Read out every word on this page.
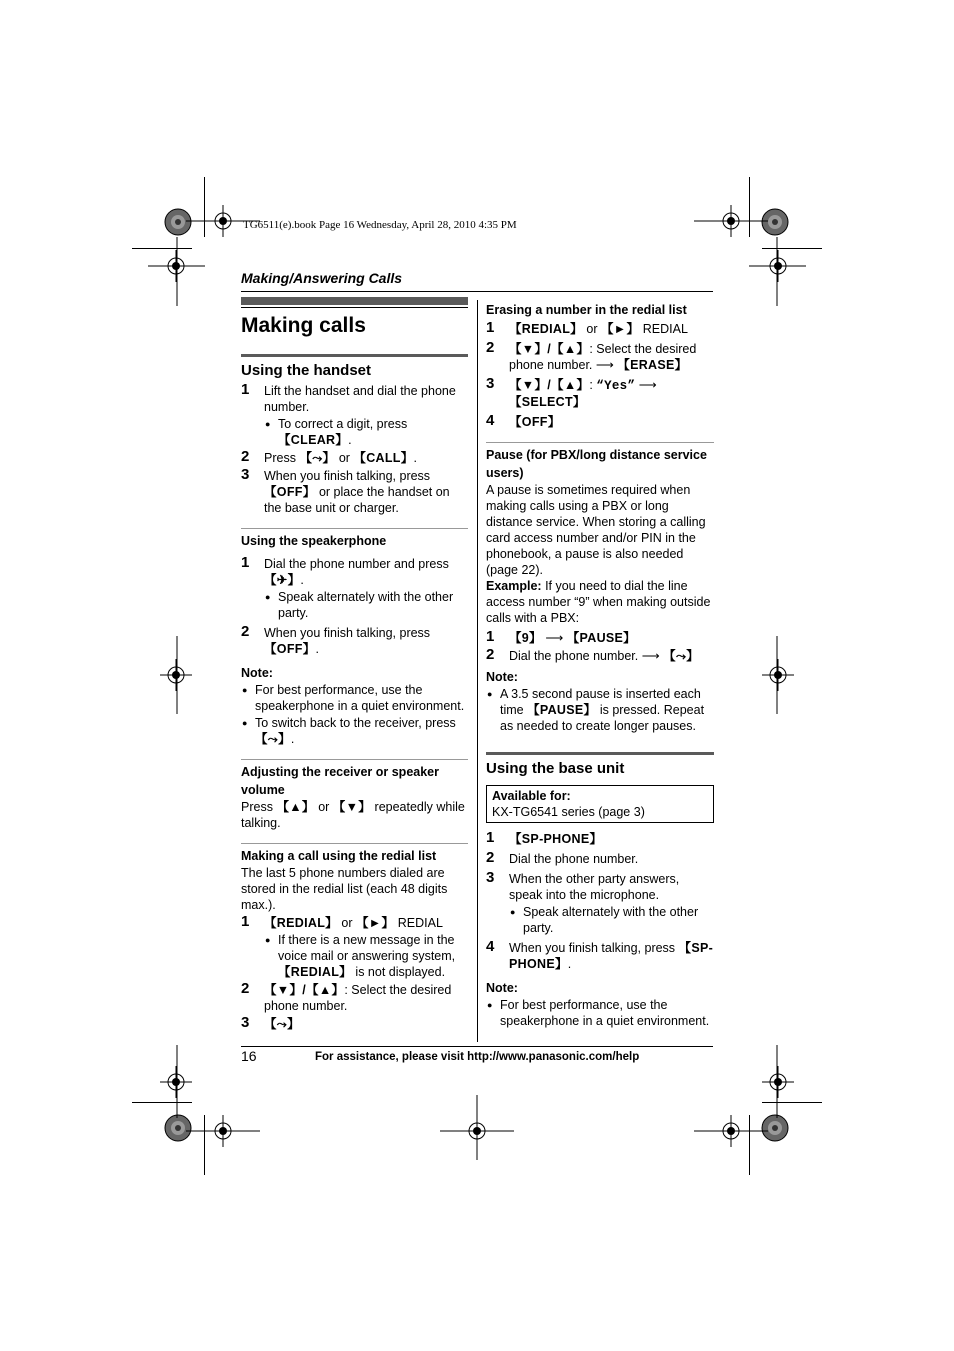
TG6511(e).book Page 16 Wednesday, April 28, 2010 4:35 PM
Making/Answering Calls
Making calls
Using the handset
1 Lift the handset and dial the phone number.
● To correct a digit, press 【CLEAR】.
2 Press 【⤳】 or 【CALL】.
3 When you finish talking, press 【OFF】 or place the handset on the base unit or charger.
Using the speakerphone
1 Dial the phone number and press 【✈】.
● Speak alternately with the other party.
2 When you finish talking, press 【OFF】.
Note:
● For best performance, use the speakerphone in a quiet environment.
● To switch back to the receiver, press 【⤳】.
Adjusting the receiver or speaker volume

Press 【▲】 or 【▼】 repeatedly while talking.

Making a call using the redial list

The last 5 phone numbers dialed are stored in the redial list (each 48 digits max.).

1 【REDIAL】 or 【►】 REDIAL
● If there is a new message in the voice mail or answering system, 【REDIAL】 is not displayed.
2 【▼】/【▲】: Select the desired phone number.
3 【⤳】
Erasing a number in the redial list
1 【REDIAL】 or 【►】 REDIAL
2 【▼】/【▲】: Select the desired phone number. ⟶ 【ERASE】
3 【▼】/【▲】: “Yes” ⟶ 【SELECT】
4 【OFF】
Pause (for PBX/long distance service users)

A pause is sometimes required when making calls using a PBX or long distance service. When storing a calling card access number and/or PIN in the phonebook, a pause is also needed (page 22).

Example: If you need to dial the line access number “9” when making outside calls with a PBX:

1 【9】 ⟶ 【PAUSE】
2 Dial the phone number. ⟶ 【⤳】
Note:
● A 3.5 second pause is inserted each time 【PAUSE】 is pressed. Repeat as needed to create longer pauses.
Using the base unit
Available for:
KX-TG6541 series (page 3)
1 【SP-PHONE】
2 Dial the phone number.
3 When the other party answers, speak into the microphone.
● Speak alternately with the other party.
4 When you finish talking, press 【SP-PHONE】.
Note:
● For best performance, use the speakerphone in a quiet environment.
16	For assistance, please visit http://www.panasonic.com/help
